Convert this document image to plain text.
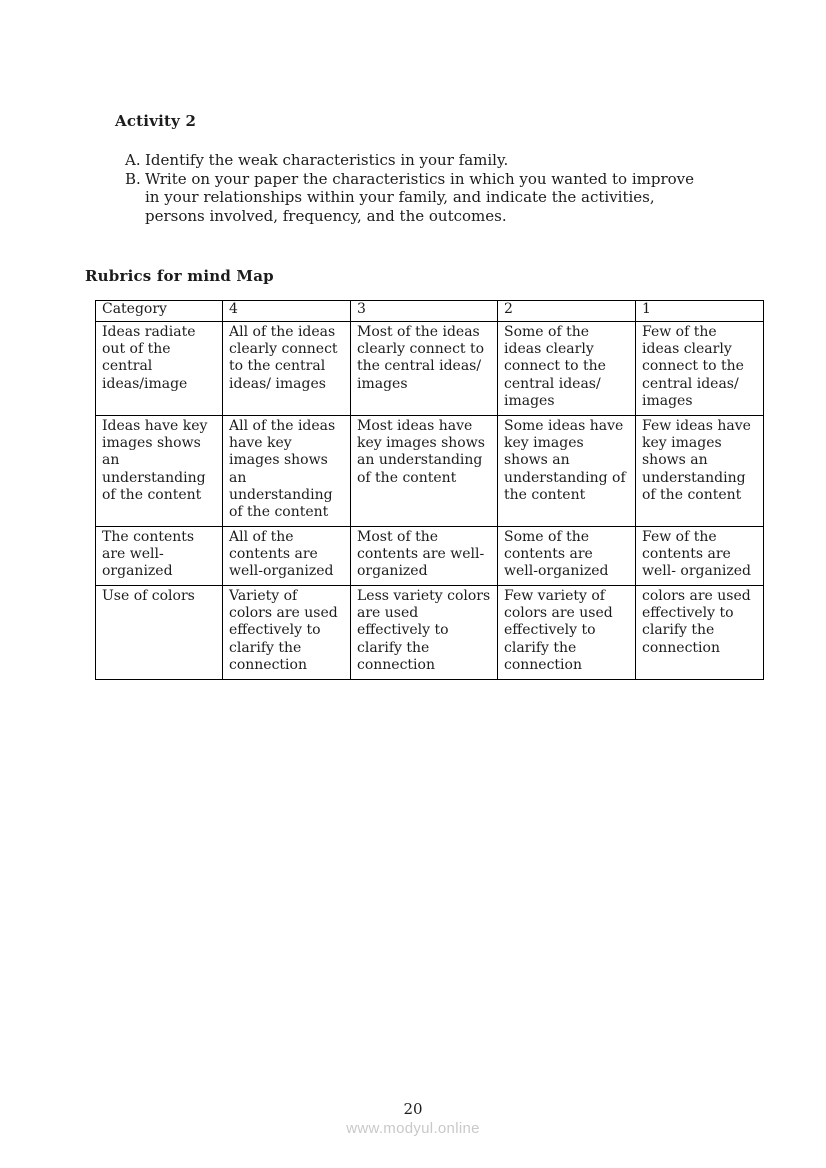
Activity 2
A. Identify the weak characteristics in your family.
B. Write on your paper the characteristics in which you wanted to improve in your relationships within your family, and indicate the activities, persons involved, frequency, and the outcomes.
Rubrics for mind Map
Category	4	3	2	1
Ideas radiate out of the central ideas/image	All of the ideas clearly connect to the central ideas/ images	Most of the ideas clearly connect to the central ideas/ images	Some of the ideas clearly connect to the central ideas/ images	Few of the ideas clearly connect to the central ideas/ images
Ideas have key images shows an understanding of the content	All of the ideas have key images shows an understanding of the content	Most ideas have key images shows an understanding of the content	Some ideas have key images shows an understanding of the content	Few ideas have key images shows an understanding of the content
The contents are well-organized	All of the contents are well-organized	Most of the contents are well-organized	Some of the contents are well-organized	Few of the contents are well- organized
Use of colors	Variety of colors are used effectively to clarify the connection	Less variety colors are used effectively to clarify the connection	Few variety of colors are used effectively to clarify the connection	colors are used effectively to clarify the connection
20
www.modyul.online
